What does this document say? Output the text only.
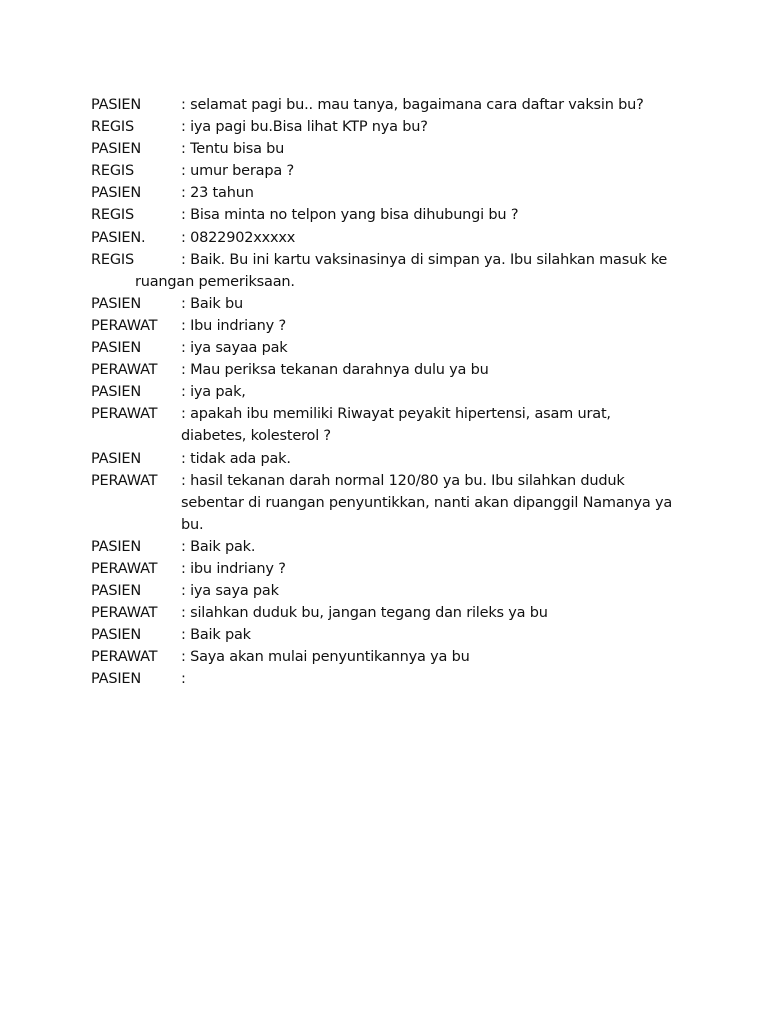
PASIEN	: selamat pagi bu.. mau tanya, bagaimana cara daftar vaksin bu?
REGIS	: iya pagi bu.Bisa lihat KTP nya bu?
PASIEN	: Tentu bisa bu
REGIS	: umur berapa ?
PASIEN	: 23 tahun
REGIS	: Bisa minta no telpon yang bisa dihubungi bu ?
PASIEN.	: 0822902xxxxx
REGIS	: Baik. Bu ini kartu vaksinasinya di simpan ya. Ibu silahkan masuk ke
ruangan pemeriksaan.
PASIEN	: Baik bu
PERAWAT	: Ibu indriany ?
PASIEN	: iya sayaa pak
PERAWAT	: Mau periksa tekanan darahnya dulu ya bu
PASIEN	: iya pak,
PERAWAT	: apakah ibu memiliki Riwayat peyakit hipertensi, asam urat,
diabetes, kolesterol ?
PASIEN	: tidak ada pak.
PERAWAT	: hasil tekanan darah normal 120/80 ya bu. Ibu silahkan duduk
sebentar di ruangan penyuntikkan, nanti akan dipanggil Namanya ya
bu.
PASIEN	: Baik pak.
PERAWAT	: ibu indriany ?
PASIEN	: iya saya pak
PERAWAT	: silahkan duduk bu, jangan tegang dan rileks ya bu
PASIEN	: Baik pak
PERAWAT	: Saya akan mulai penyuntikannya ya bu
PASIEN	:
